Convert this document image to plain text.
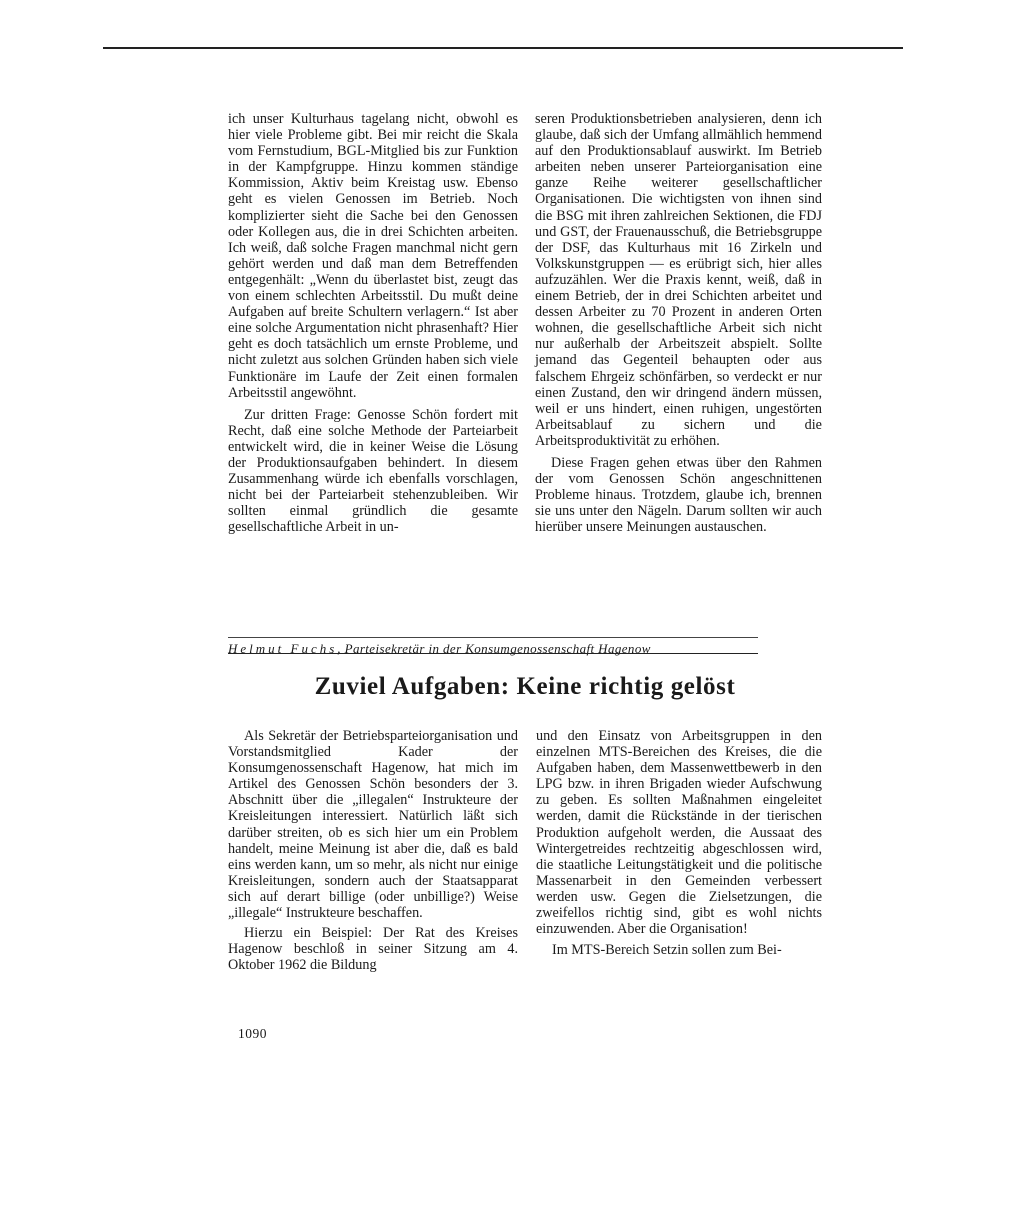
ich unser Kulturhaus tagelang nicht, obwohl es hier viele Probleme gibt. Bei mir reicht die Skala vom Fernstudium, BGL-Mitglied bis zur Funktion in der Kampfgruppe. Hinzu kommen ständige Kommission, Aktiv beim Kreistag usw. Ebenso geht es vielen Genossen im Betrieb. Noch komplizierter sieht die Sache bei den Genossen oder Kollegen aus, die in drei Schichten arbeiten. Ich weiß, daß solche Fragen manchmal nicht gern gehört werden und daß man dem Betreffenden entgegenhält: „Wenn du überlastet bist, zeugt das von einem schlechten Arbeitsstil. Du mußt deine Aufgaben auf breite Schultern verlagern.“ Ist aber eine solche Argumentation nicht phrasenhaft? Hier geht es doch tatsächlich um ernste Probleme, und nicht zuletzt aus solchen Gründen haben sich viele Funktionäre im Laufe der Zeit einen formalen Arbeitsstil angewöhnt.

Zur dritten Frage: Genosse Schön fordert mit Recht, daß eine solche Methode der Parteiarbeit entwickelt wird, die in keiner Weise die Lösung der Produktionsaufgaben behindert. In diesem Zusammenhang würde ich ebenfalls vorschlagen, nicht bei der Parteiarbeit stehenzubleiben. Wir sollten einmal gründlich die gesamte gesellschaftliche Arbeit in un-

seren Produktionsbetrieben analysieren, denn ich glaube, daß sich der Umfang allmählich hemmend auf den Produktionsablauf auswirkt. Im Betrieb arbeiten neben unserer Parteiorganisation eine ganze Reihe weiterer gesellschaftlicher Organisationen. Die wichtigsten von ihnen sind die BSG mit ihren zahlreichen Sektionen, die FDJ und GST, der Frauenausschuß, die Betriebsgruppe der DSF, das Kulturhaus mit 16 Zirkeln und Volkskunstgruppen — es erübrigt sich, hier alles aufzuzählen. Wer die Praxis kennt, weiß, daß in einem Betrieb, der in drei Schichten arbeitet und dessen Arbeiter zu 70 Prozent in anderen Orten wohnen, die gesellschaftliche Arbeit sich nicht nur außerhalb der Arbeitszeit abspielt. Sollte jemand das Gegenteil behaupten oder aus falschem Ehrgeiz schönfärben, so verdeckt er nur einen Zustand, den wir dringend ändern müssen, weil er uns hindert, einen ruhigen, ungestörten Arbeitsablauf zu sichern und die Arbeitsproduktivität zu erhöhen.

Diese Fragen gehen etwas über den Rahmen der vom Genossen Schön angeschnittenen Probleme hinaus. Trotzdem, glaube ich, brennen sie uns unter den Nägeln. Darum sollten wir auch hierüber unsere Meinungen austauschen.

Helmut Fuchs, Parteisekretär in der Konsumgenossenschaft Hagenow
Zuviel Aufgaben: Keine richtig gelöst

Als Sekretär der Betriebsparteiorganisation und Vorstandsmitglied Kader der Konsumgenossenschaft Hagenow, hat mich im Artikel des Genossen Schön besonders der 3. Abschnitt über die „illegalen“ Instrukteure der Kreisleitungen interessiert. Natürlich läßt sich darüber streiten, ob es sich hier um ein Problem handelt, meine Meinung ist aber die, daß es bald eins werden kann, um so mehr, als nicht nur einige Kreisleitungen, sondern auch der Staatsapparat sich auf derart billige (oder unbillige?) Weise „illegale“ Instrukteure beschaffen.

Hierzu ein Beispiel: Der Rat des Kreises Hagenow beschloß in seiner Sitzung am 4. Oktober 1962 die Bildung

und den Einsatz von Arbeitsgruppen in den einzelnen MTS-Bereichen des Kreises, die die Aufgaben haben, dem Massenwettbewerb in den LPG bzw. in ihren Brigaden wieder Aufschwung zu geben. Es sollten Maßnahmen eingeleitet werden, damit die Rückstände in der tierischen Produktion aufgeholt werden, die Aussaat des Wintergetreides rechtzeitig abgeschlossen wird, die staatliche Leitungstätigkeit und die politische Massenarbeit in den Gemeinden verbessert werden usw. Gegen die Zielsetzungen, die zweifellos richtig sind, gibt es wohl nichts einzuwenden. Aber die Organisation!

Im MTS-Bereich Setzin sollen zum Bei-

1090
